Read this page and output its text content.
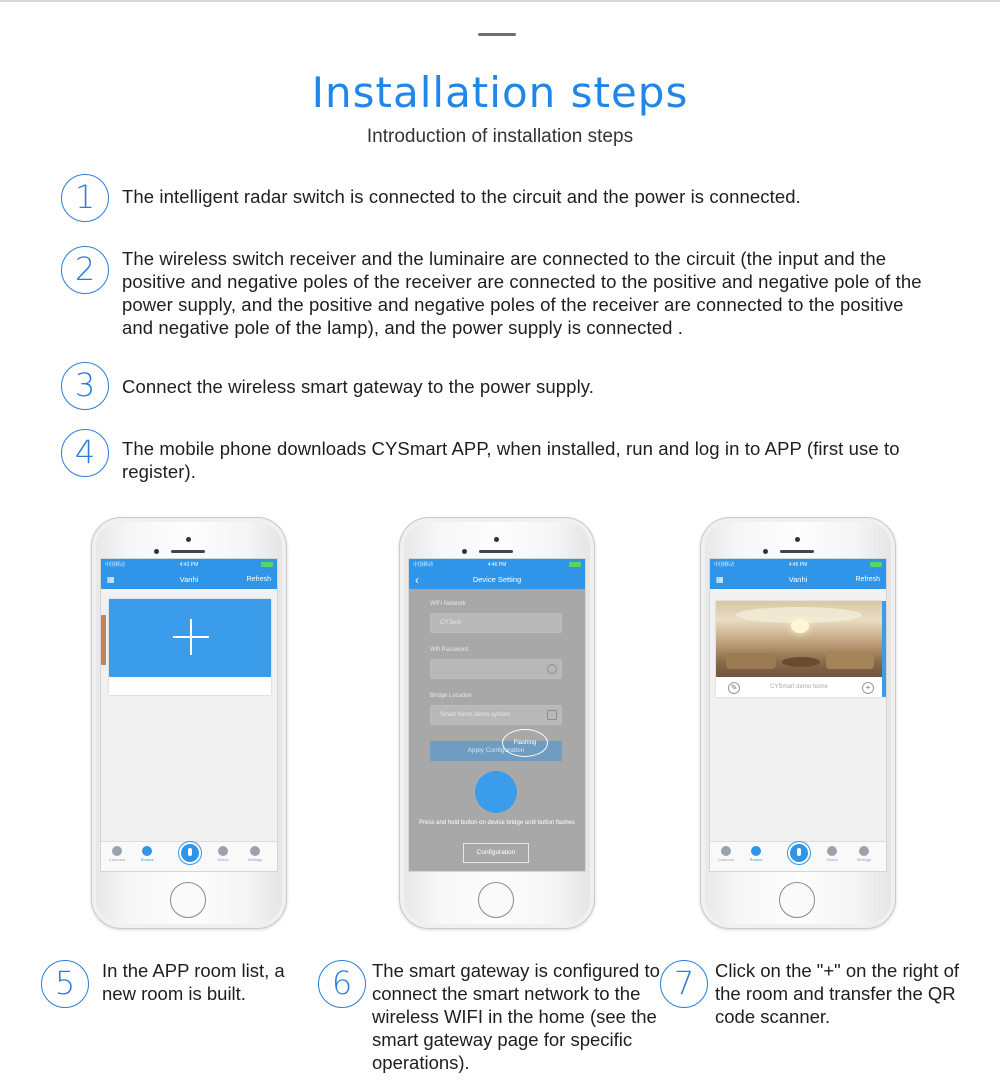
Installation steps
Introduction of installation steps
1	The intelligent radar switch is connected to the circuit and the power is connected.
2	The wireless switch receiver and the luminaire are connected to the circuit (the input and the positive and negative poles of the receiver are connected to the positive and negative pole of the power supply, and the positive and negative poles of the receiver are connected to the positive and negative pole of the lamp), and the power supply is connected .
3	Connect the wireless smart gateway to the power supply.
4	The mobile phone downloads CYSmart APP, when installed, run and log in to APP (first use to register).
中国移动	4:43 PM
▦	Vanhi	Refresh
Common	Rooms	Scene	Settings
中国移动	4:46 PM
‹	Device Setting
WiFi Network
CYTech
Wifi Password
Bridge Location
Smart home demo system
Apply Configuration
Flashing
Press and hold button on device bridge until button flashes
Configuration
中国移动	4:45 PM
▦	Vanhi	Refresh
✎	CYSmart demo home	+
Common	Rooms	Scene	Settings
5	In the APP room list, a new room is built.	6	The smart gateway is configured to connect the smart network to the wireless WIFI in the home (see the smart gateway page for specific operations).
7	Click on the "+" on the right of the room and transfer the QR code scanner.
